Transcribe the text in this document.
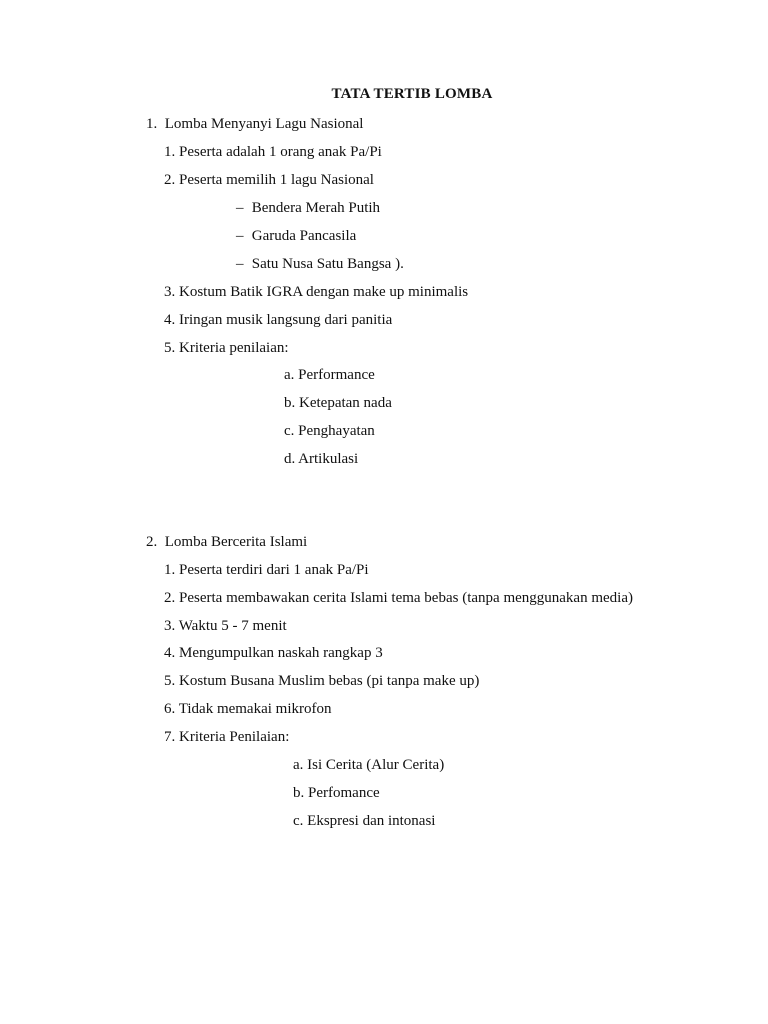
TATA TERTIB LOMBA
1. Lomba Menyanyi Lagu Nasional
1. Peserta adalah 1 orang anak Pa/Pi
2. Peserta memilih 1 lagu Nasional
– Bendera Merah Putih
– Garuda Pancasila
– Satu Nusa Satu Bangsa ).
3. Kostum Batik IGRA dengan make up minimalis
4. Iringan musik langsung dari panitia
5. Kriteria penilaian:
a. Performance
b. Ketepatan nada
c. Penghayatan
d. Artikulasi
2. Lomba Bercerita Islami
1. Peserta terdiri dari 1 anak Pa/Pi
2. Peserta membawakan cerita Islami tema bebas (tanpa menggunakan media)
3. Waktu 5 - 7 menit
4. Mengumpulkan naskah rangkap 3
5. Kostum Busana Muslim bebas (pi tanpa make up)
6. Tidak memakai mikrofon
7. Kriteria Penilaian:
a. Isi Cerita (Alur Cerita)
b. Perfomance
c. Ekspresi dan intonasi
